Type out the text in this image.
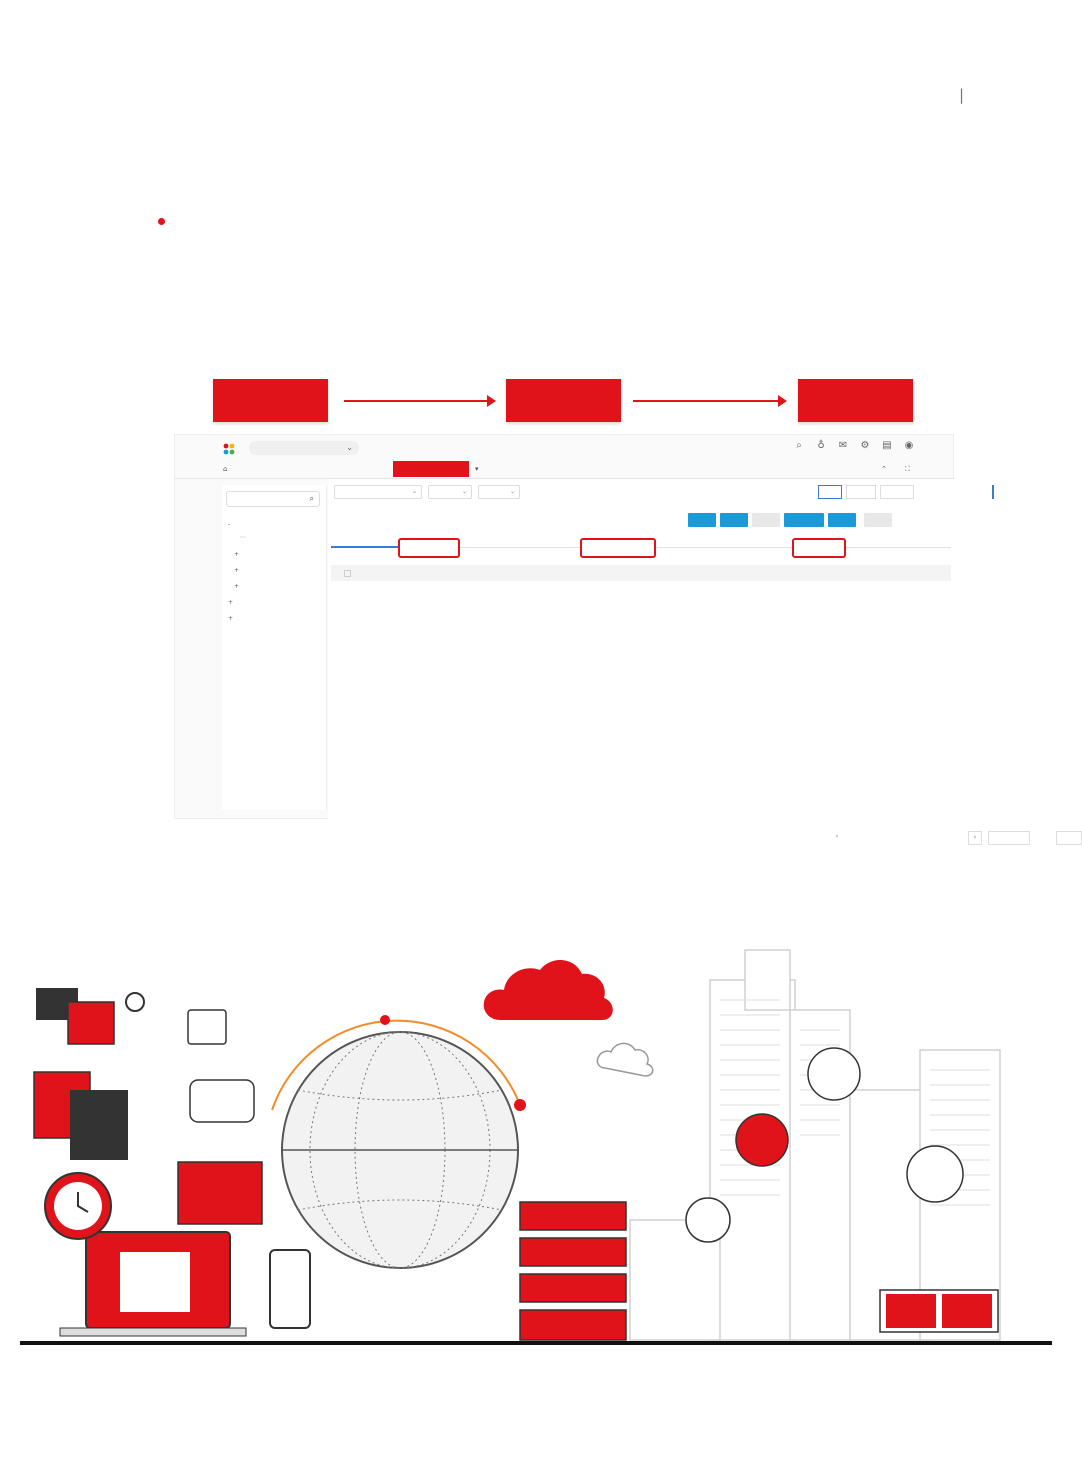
|
⌄	⌕	♁ ✉ ⚙ ▤ ◉
⌂	▾	⌃	⛶
⌕
-
+
+
+
+
+
⌄	⌄	⌄
‹	›
